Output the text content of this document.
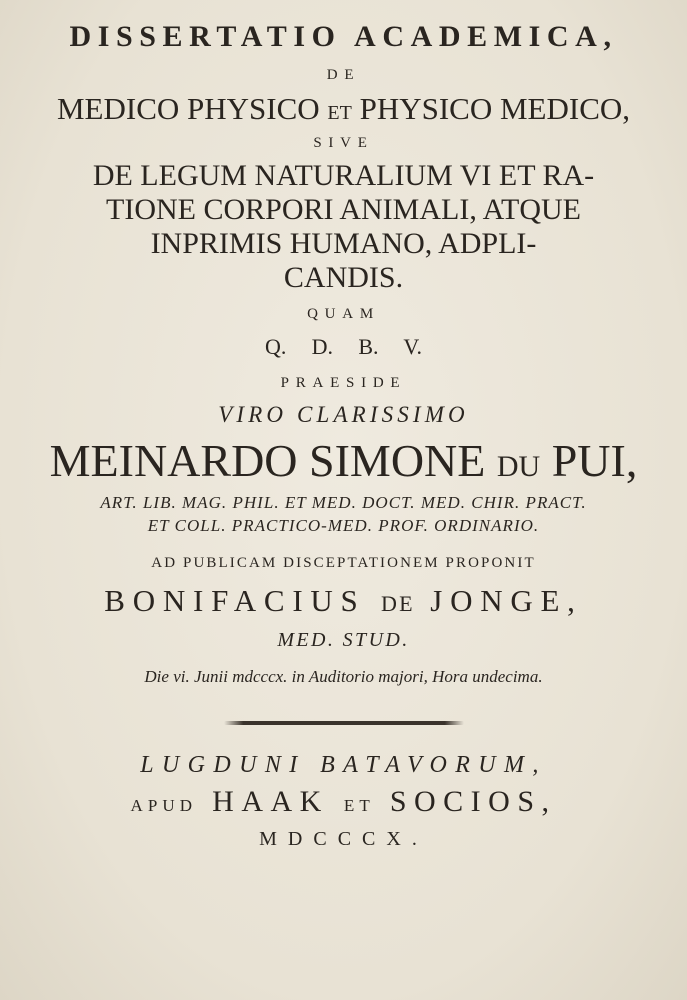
DISSERTATIO ACADEMICA,
DE
MEDICO PHYSICO ET PHYSICO MEDICO,
SIVE
DE LEGUM NATURALIUM VI ET RA-
TIONE CORPORI ANIMALI, ATQUE
INPRIMIS HUMANO, ADPLI-
CANDIS.
QUAM
Q. D. B. V.
PRAESIDE
VIRO CLARISSIMO
MEINARDO SIMONE DU PUI,
ART. LIB. MAG. PHIL. ET MED. DOCT. MED. CHIR. PRACT.
ET COLL. PRACTICO-MED. PROF. ORDINARIO.
AD PUBLICAM DISCEPTATIONEM PROPONIT
BONIFACIUS DE JONGE,
MED. STUD.
Die vi. Junii mdcccx. in Auditorio majori, Hora undecima.
LUGDUNI BATAVORUM,
APUD HAAK ET SOCIOS,
MDCCCX.
